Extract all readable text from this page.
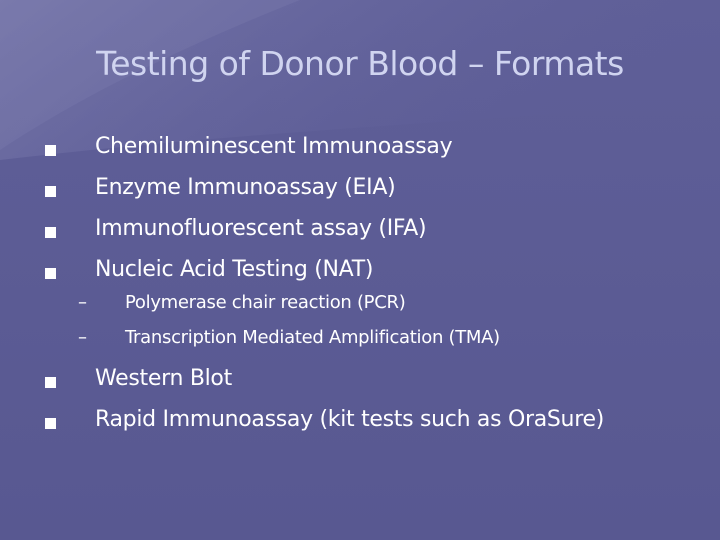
Testing of Donor Blood – Formats
Chemiluminescent Immunoassay
Enzyme Immunoassay (EIA)
Immunofluorescent assay (IFA)
Nucleic Acid Testing (NAT)
– Polymerase chair reaction (PCR)
– Transcription Mediated Amplification (TMA)
Western Blot
Rapid Immunoassay (kit tests such as OraSure)
